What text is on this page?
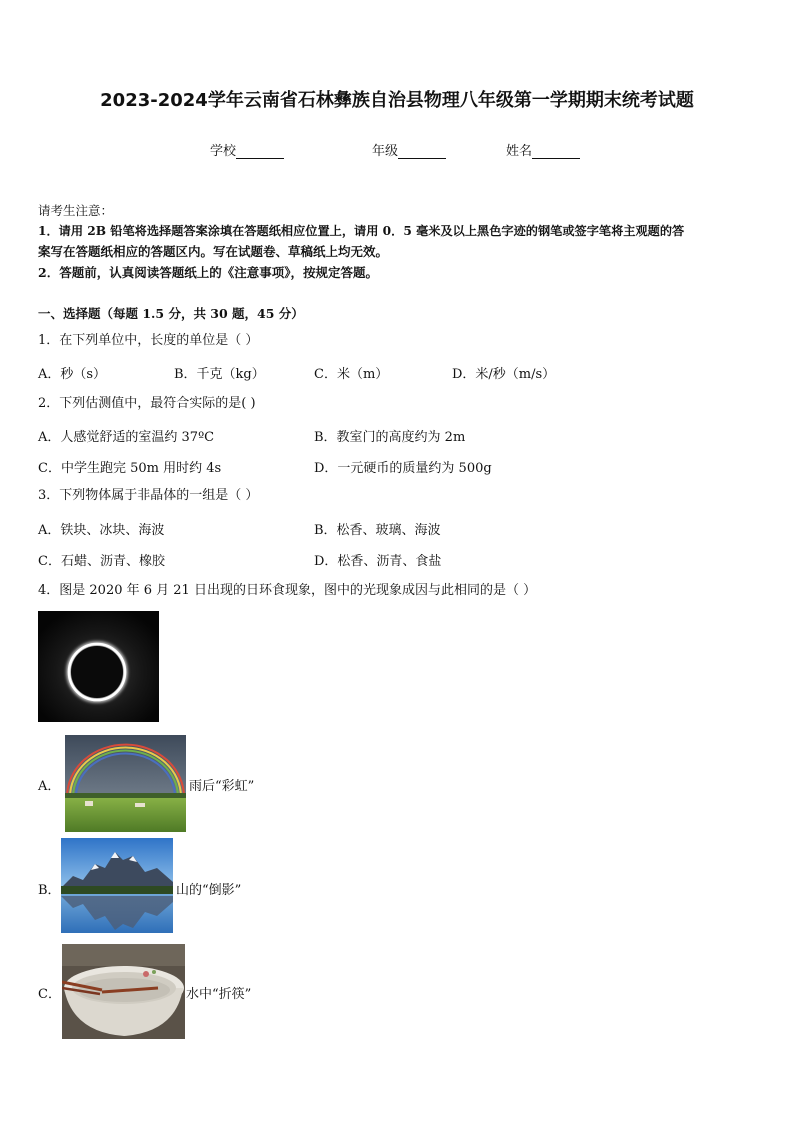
2023-2024学年云南省石林彝族自治县物理八年级第一学期期末统考试题
学校	年级	姓名
请考生注意：
1．请用 2B 铅笔将选择题答案涂填在答题纸相应位置上，请用 0．5 毫米及以上黑色字迹的钢笔或签字笔将主观题的答
案写在答题纸相应的答题区内。写在试题卷、草稿纸上均无效。
2．答题前，认真阅读答题纸上的《注意事项》，按规定答题。
一、选择题（每题 1.5 分，共 30 题，45 分）
1．在下列单位中，长度的单位是（ ）
A．秒（s）	B．千克（kg）	C．米（m）	D．米/秒（m/s）
2．下列估测值中，最符合实际的是( )
A．人感觉舒适的室温约 37ºC	B．教室门的高度约为 2m
C．中学生跑完 50m 用时约 4s	D．一元硬币的质量约为 500g
3．下列物体属于非晶体的一组是（ ）
A．铁块、冰块、海波	B．松香、玻璃、海波
C．石蜡、沥青、橡胶	D．松香、沥青、食盐
4．图是 2020 年 6 月 21 日出现的日环食现象，图中的光现象成因与此相同的是（ ）
A．	雨后“彩虹”
B．	山的“倒影”
C．	水中“折筷”
